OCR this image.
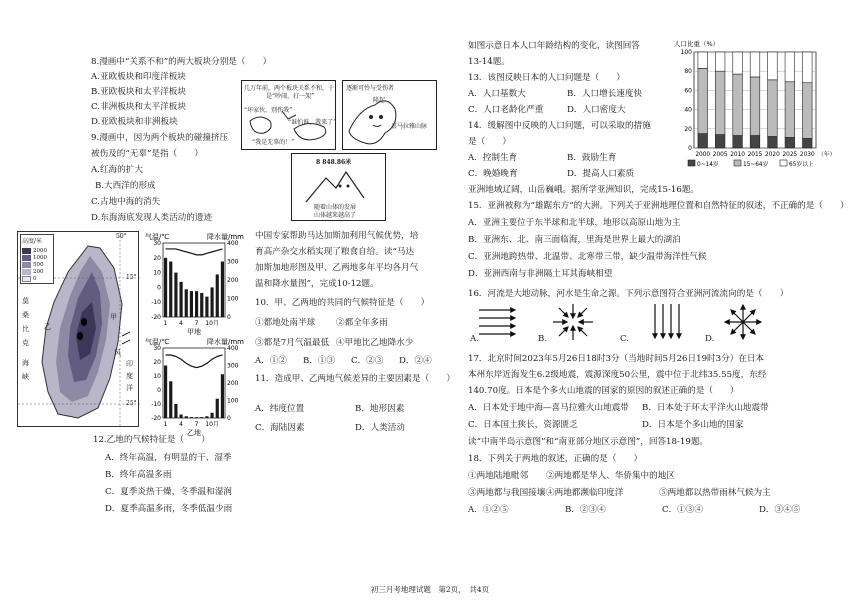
8.漫画中“关系不和”的两大板块分别是（　　）
A.亚欧板块和印度洋板块
B.亚欧板块和太平洋板块
C.非洲板块和太平洋板块
D.亚欧板块和非洲板块
9.漫画中，因为两个板块的碰撞挤压
被伤及的“无辜”是指（　　）
A.红海的扩大
B.大西洋的形成
C.古地中海的消失
D.东海海底发现人类活动的遗迹
几万年前，两个板块关系不和，于
是“吵闹，打一架”
“坏家伙，别伤我”
“谁怕谁，我来了”
“我是无辜的！”
逐渐可怜与受伤者
隆起
喜马拉雅山脉
8 848.86米
随着山体的发展
山体越来越高了
高度/米
2000
1000
500
200
0
50°
15°
25°
莫
桑
比
克
海
峡
甲
乙
风
印
度
洋
12.乙地的气候特征是（　　）
A．终年高温，有明显的干、湿季
B．终年高温多雨
C．夏季炎热干燥，冬季温和湿润
D．夏季高温多雨，冬季低温少雨
气温/℃	降水量/mm
30
20
10
0
-10
-20
400
300
200
100
0
1 4 7 10月
甲地
气温/℃	降水量/mm
30
20
10
0
-10
-20
400
300
200
100
0
1 4 7 10月
乙地
中国专家帮助马达加斯加利用气候优势，培
育高产杂交水稻实现了粮食自给。读“马达
加斯加地形图及甲、乙两地多年平均各月气
温和降水量图”，完成10-12题。
10．甲、乙两地的共同的气候特征是（　　）
①都地处南半球 ②都全年多雨
③都是7月气温最低 ④甲地比乙地降水少
A．①② B．①③ C．②③ D．②④
11．造成甲、乙两地气候差异的主要因素是（　　）
A．纬度位置	B．地形因素
C．海陆因素	D．人类活动
如图示意日本人口年龄结构的变化，读图回答
13-14题。
13．该图反映日本的人口问题是（　　）
A．人口基数大	B．人口增长速度快
C．人口老龄化严重	D．人口密度大
14．缓解图中反映的人口问题，可以采取的措施
是（　　）
A．控制生育	B．鼓励生育
C．晚婚晚育	D．提高人口素质
人口比重（%）
100
80
60
40
20
0
2000 2005 2010 2015 2020 2025 2030 （年）
0~14岁	15~64岁	65岁以上
亚洲地域辽阔，山岳巍峨。据所学亚洲知识，完成15-16题。
15．亚洲被称为“雄踞东方”的大洲。下列关于亚洲地理位置和自然特征的叙述，不正确的是（　　）
A．亚洲主要位于东半球和北半球，地形以高原山地为主
B．亚洲东、北、南三面临海，里海是世界上最大的湖泊
C．亚洲地跨热带、北温带、北寒带三带，缺少温带海洋性气候
D．亚洲西南与非洲隔土耳其海峡相望
16．河流是大地动脉，河水是生命之源。下列示意图符合亚洲河流流向的是（　　）
B.
A.	C.	D.
17．北京时间2023年5月26日18时3分（当地时间5月26日19时3分）在日本
本州东岸近海发生6.2级地震，震源深度50公里，震中位于北纬35.55度，东经
140.70度。日本是个多火山地震的国家的原因的叙述正确的是（　　）
A．日本处于地中海—喜马拉雅火山地震带 B．日本处于环太平洋火山地震带
C．日本国土狭长，资源匮乏	D．日本是个多山地的国家
读“中南半岛示意图”和“南亚部分地区示意图”，回答18-19题。
18．下列关于两地的叙述，正确的是（　　）
①两地陆地毗邻 ②两地都是华人、华侨集中的地区
③两地都与我国接壤 ④两地都濒临印度洋	⑤两地都以热带雨林气候为主
A．①②⑤	B．②③④	C．①③④	D．③④⑤
初三月考地理试题　第2页，　共4页
